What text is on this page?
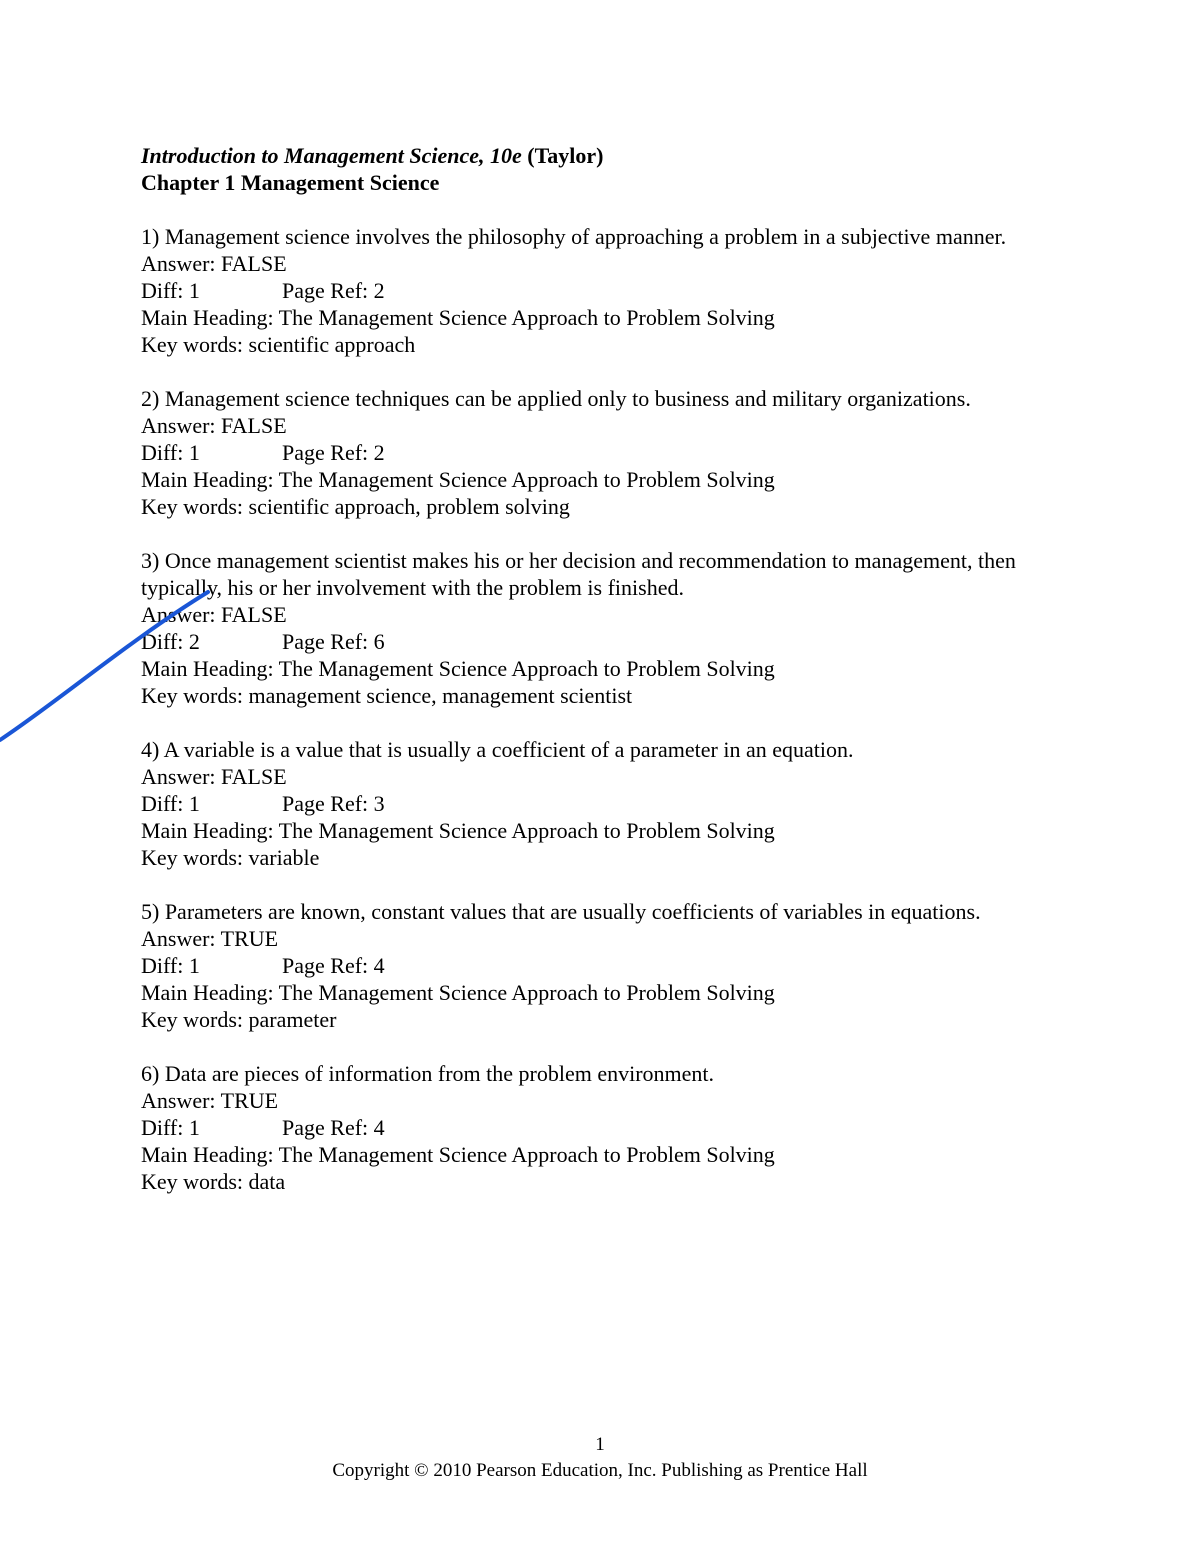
Introduction to Management Science, 10e (Taylor)
Chapter 1 Management Science
1) Management science involves the philosophy of approaching a problem in a subjective manner.
Answer: FALSE
Diff: 1	Page Ref: 2
Main Heading: The Management Science Approach to Problem Solving
Key words: scientific approach
2) Management science techniques can be applied only to business and military organizations.
Answer: FALSE
Diff: 1	Page Ref: 2
Main Heading: The Management Science Approach to Problem Solving
Key words: scientific approach, problem solving
3) Once management scientist makes his or her decision and recommendation to management, then typically, his or her involvement with the problem is finished.
Answer: FALSE
Diff: 2	Page Ref: 6
Main Heading: The Management Science Approach to Problem Solving
Key words: management science, management scientist
4) A variable is a value that is usually a coefficient of a parameter in an equation.
Answer: FALSE
Diff: 1	Page Ref: 3
Main Heading: The Management Science Approach to Problem Solving
Key words: variable
5) Parameters are known, constant values that are usually coefficients of variables in equations.
Answer: TRUE
Diff: 1	Page Ref: 4
Main Heading: The Management Science Approach to Problem Solving
Key words: parameter
6) Data are pieces of information from the problem environment.
Answer: TRUE
Diff: 1	Page Ref: 4
Main Heading: The Management Science Approach to Problem Solving
Key words: data
1
Copyright © 2010 Pearson Education, Inc. Publishing as Prentice Hall
